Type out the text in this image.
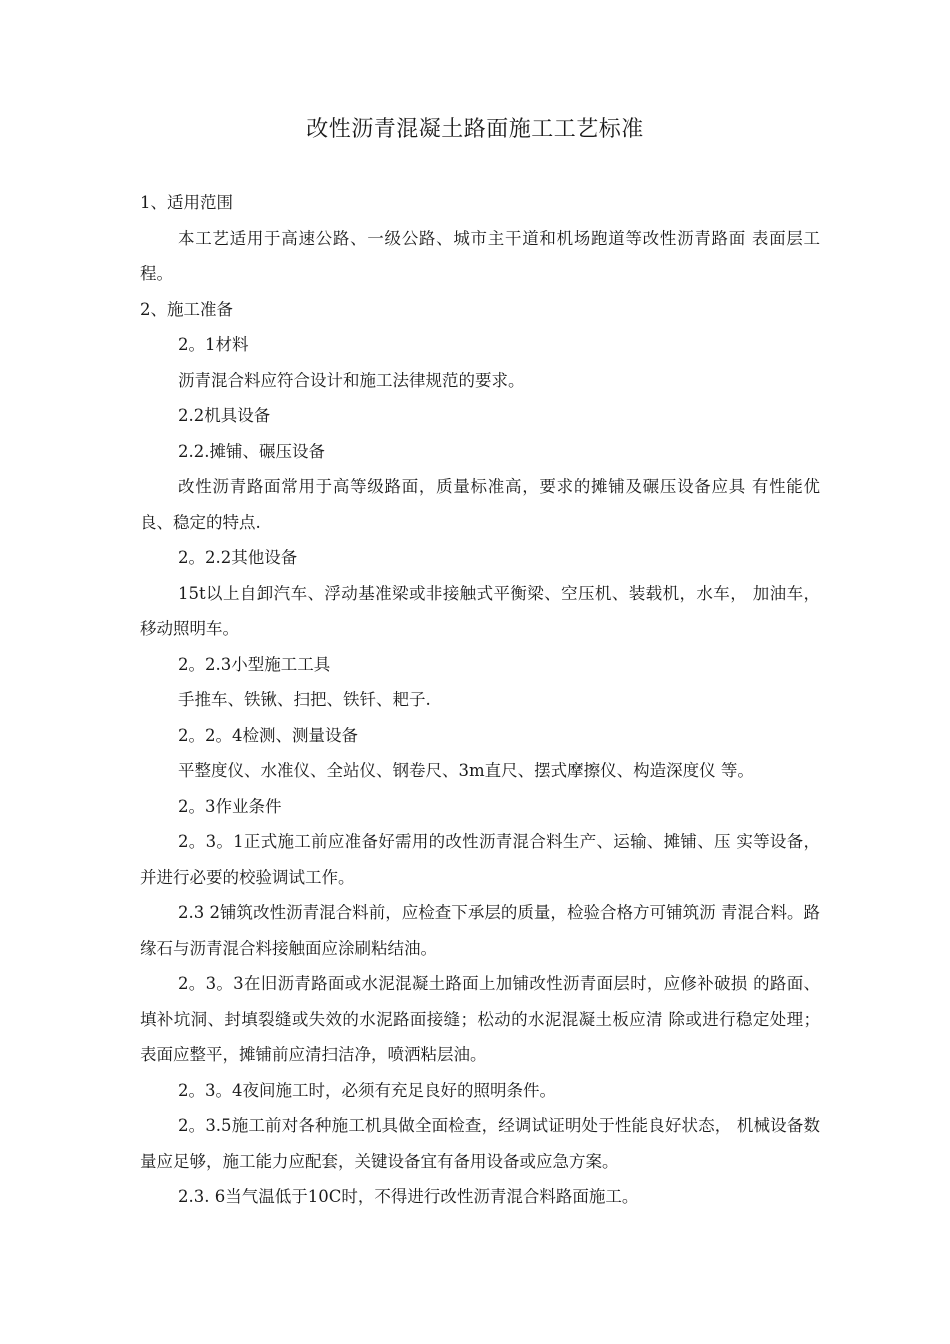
改性沥青混凝土路面施工工艺标准

1、适用范围

本工艺适用于高速公路、一级公路、城市主干道和机场跑道等改性沥青路面 表面层工程。

2、施工准备

2。1材料

沥青混合料应符合设计和施工法律规范的要求。

2.2机具设备

2.2.摊铺、碾压设备

改性沥青路面常用于高等级路面，质量标准高，要求的摊铺及碾压设备应具 有性能优良、稳定的特点.

2。2.2其他设备

15t以上自卸汽车、浮动基准梁或非接触式平衡梁、空压机、装载机，水车， 加油车，移动照明车。

2。2.3小型施工工具

手推车、铁锹、扫把、铁钎、耙子.

2。2。4检测、测量设备

平整度仪、水准仪、全站仪、钢卷尺、3m直尺、摆式摩擦仪、构造深度仪 等。

2。3作业条件

2。3。1正式施工前应准备好需用的改性沥青混合料生产、运输、摊铺、压 实等设备，并进行必要的校验调试工作。

2.3 2铺筑改性沥青混合料前，应检查下承层的质量，检验合格方可铺筑沥 青混合料。路缘石与沥青混合料接触面应涂刷粘结油。

2。3。3在旧沥青路面或水泥混凝土路面上加铺改性沥青面层时，应修补破损 的路面、填补坑洞、封填裂缝或失效的水泥路面接缝；松动的水泥混凝土板应清 除或进行稳定处理；表面应整平，摊铺前应清扫洁净，喷洒粘层油。

2。3。4夜间施工时，必须有充足良好的照明条件。

2。3.5施工前对各种施工机具做全面检查，经调试证明处于性能良好状态， 机械设备数量应足够，施工能力应配套，关键设备宜有备用设备或应急方案。

2.3. 6当气温低于10C时，不得进行改性沥青混合料路面施工。
